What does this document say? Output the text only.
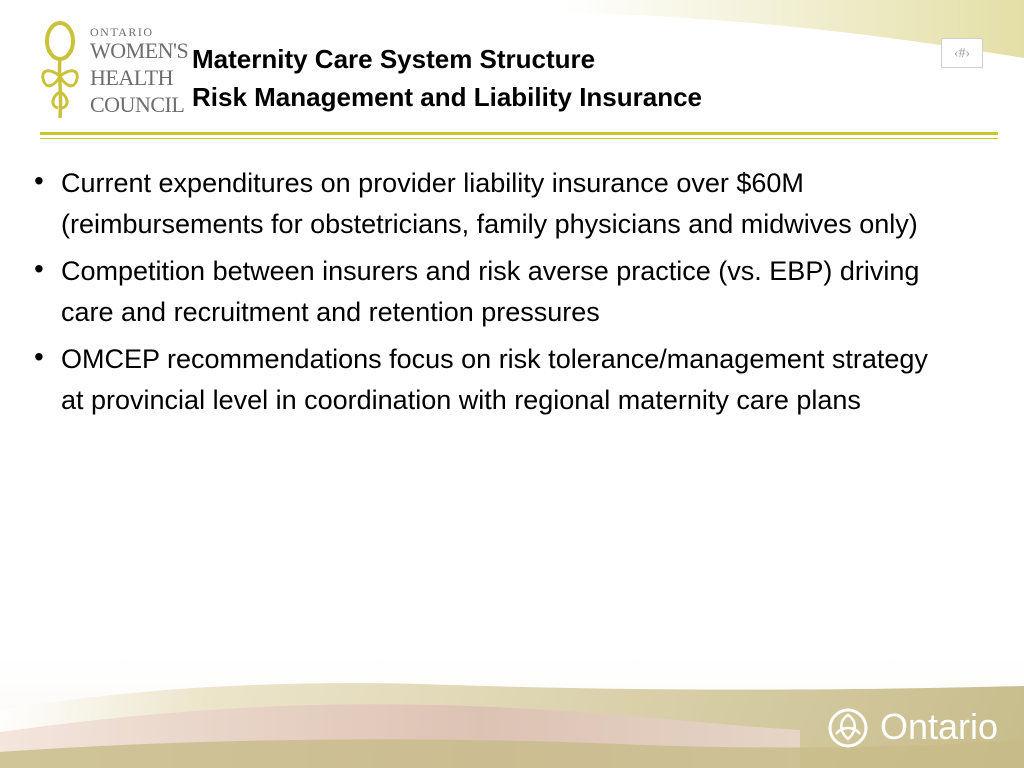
ONTARIO
WOMEN'S
HEALTH
COUNCIL
Maternity Care System Structure
Risk Management and Liability Insurance
‹#›
• Current expenditures on provider liability insurance over $60M (reimbursements for obstetricians, family physicians and midwives only)
• Competition between insurers and risk averse practice (vs. EBP) driving care and recruitment and retention pressures
• OMCEP recommendations focus on risk tolerance/management strategy at provincial level in coordination with regional maternity care plans
Ontario
